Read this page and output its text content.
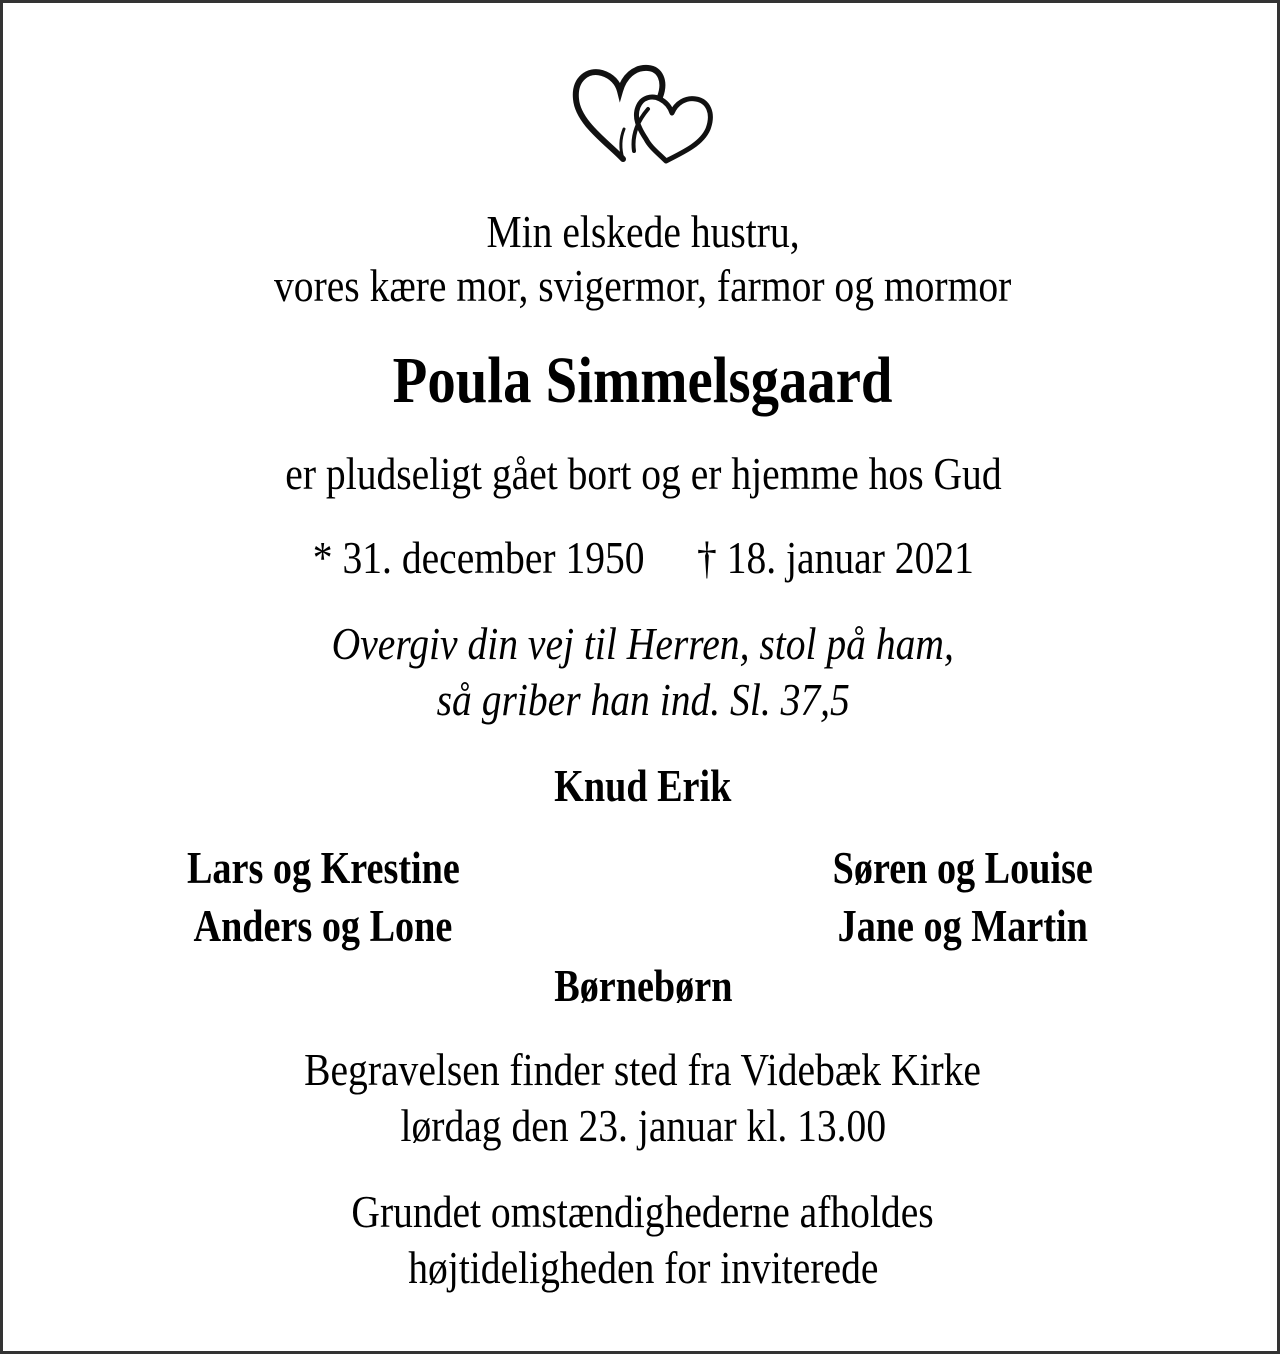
Min elskede hustru,
vores kære mor, svigermor, farmor og mormor
Poula Simmelsgaard
er pludseligt gået bort og er hjemme hos Gud
* 31. december 1950 † 18. januar 2021
Overgiv din vej til Herren, stol på ham,
så griber han ind. Sl. 37,5
Knud Erik
Lars og Krestine
Anders og Lone
Søren og Louise
Jane og Martin
Børnebørn
Begravelsen finder sted fra Videbæk Kirke
lørdag den 23. januar kl. 13.00
Grundet omstændighederne afholdes
højtideligheden for inviterede
